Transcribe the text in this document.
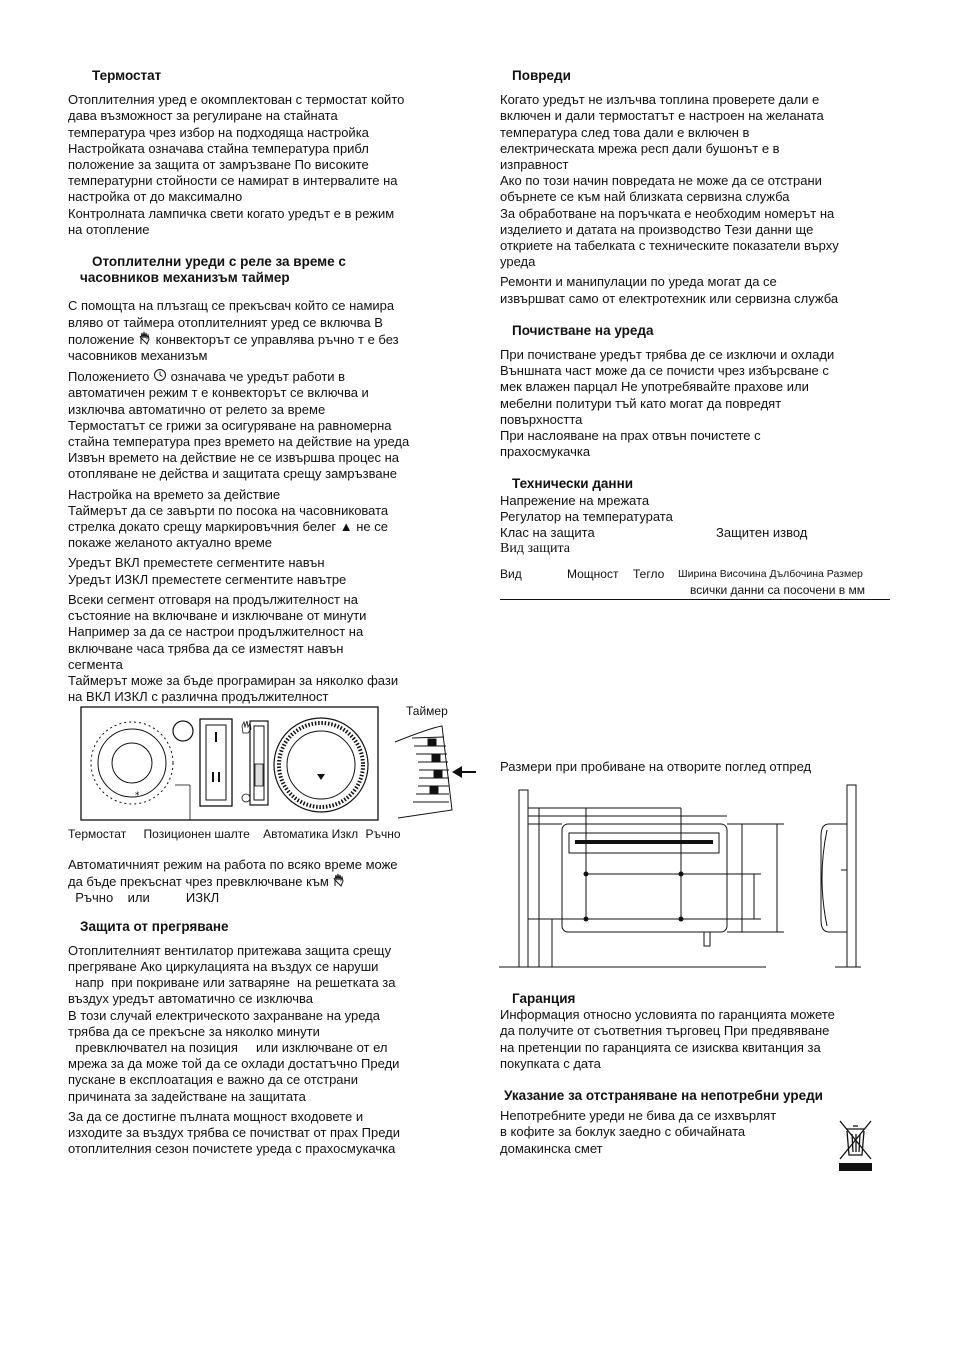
Термостат

Отоплителния уред е окомплектован с термостат който

дава възможност за регулиране на стайната

температура чрез избор на подходяща настройка

Настройката означава стайна температура прибл

положение за защита от замръзване По високите

температурни стойности се намират в интервалите на

настройка от до максимално

Контролната лампичка свети когато уредът е в режим

на отопление

Отоплителни уреди с реле за време с

часовников механизъм таймер

С помощта на плъзгащ се прекъсвач който се намира

вляво от таймера отоплителният уред се включва В

положение конвекторът се управлява ръчно т е без

часовников механизъм

Положението означава че уредът работи в

автоматичен режим т е конвекторът се включва и

изключва автоматично от релето за време

Термостатът се грижи за осигуряване на равномерна

стайна температура през времето на действие на уреда

Извън времето на действие не се извършва процес на

отопляване не действа и защитата срещу замръзване

Настройка на времето за действие

Таймерът да се завърти по посока на часовниковата

стрелка докато срещу маркировъчния белег ▲ не се

покаже желаното актуално време

Уредът ВКЛ преместете сегментите навън

Уредът ИЗКЛ преместете сегментите навътре

Всеки сегмент отговаря на продължителност на

състояние на включване и изключване от минути

Например за да се настрои продължителност на

включване часа трябва да се изместят навън

сегмента

Таймерът може за бъде програмиран за няколко фази

на ВКЛ ИЗКЛ с различна продължителност

Таймер
*
Термостат Позиционен шалте Автоматика Изкл Ръчно

Автоматичният режим на работа по всяко време може

да бъде прекъснат чрез превключване към

Ръчно    или          ИЗКЛ

Защита от прегряване

Отоплителният вентилатор притежава защита срещу

прегряване Ако циркулацията на въздух се наруши

напр  при покриване или затваряне  на решетката за

въздух уредът автоматично се изключва

В този случай електрическото захранване на уреда

трябва да се прекъсне за няколко минути

превключвател на позиция     или изключване от ел

мрежа за да може той да се охлади достатъчно Преди

пускане в експлоатация е важно да се отстрани

причината за задействане на защитата

За да се достигне пълната мощност входовете и

изходите за въздух трябва се почистват от прах Преди

отоплителния сезон почистете уреда с прахосмукачка

Повреди

Когато уредът не излъчва топлина проверете дали е

включен и дали термостатът е настроен на желаната

температура след това дали е включен в

електрическата мрежа респ дали бушонът е в

изправност

Ако по този начин повредата не може да се отстрани

обърнете се към най близката сервизна служба

За обработване на поръчката е необходим номерът на

изделието и датата на производство Тези данни ще

откриете на табелката с техническите показатели върху

уреда

Ремонти и манипулации по уреда могат да се

извършват само от електротехник или сервизна служба

Почистване на уреда

При почистване уредът трябва де се изключи и охлади

Външната част може да се почисти чрез избърсване с

мек влажен парцал Не употребявайте прахове или

мебелни политури тъй като могат да повредят

повърхността

При наслояване на прах отвън почистете с

прахосмукачка

Технически данни

Напрежение на мрежата

Регулатор на температурата

Клас на защита	Защитен извод

Вид защита

Вид	Мощност Тегло Ширина Височина Дълбочина Размер
всички данни са посочени в мм
Размери при пробиване на отворите поглед отпред

Гаранция

Информация относно условията по гаранцията можете

да получите от съответния търговец При предявяване

на претенции по гаранцията се изисква квитанция за

покупката с дата

Указание за отстраняване на непотребни уреди

Непотребните уреди не бива да се изхвърлят

в кофите за боклук заедно с обичайната

домакинска смет
